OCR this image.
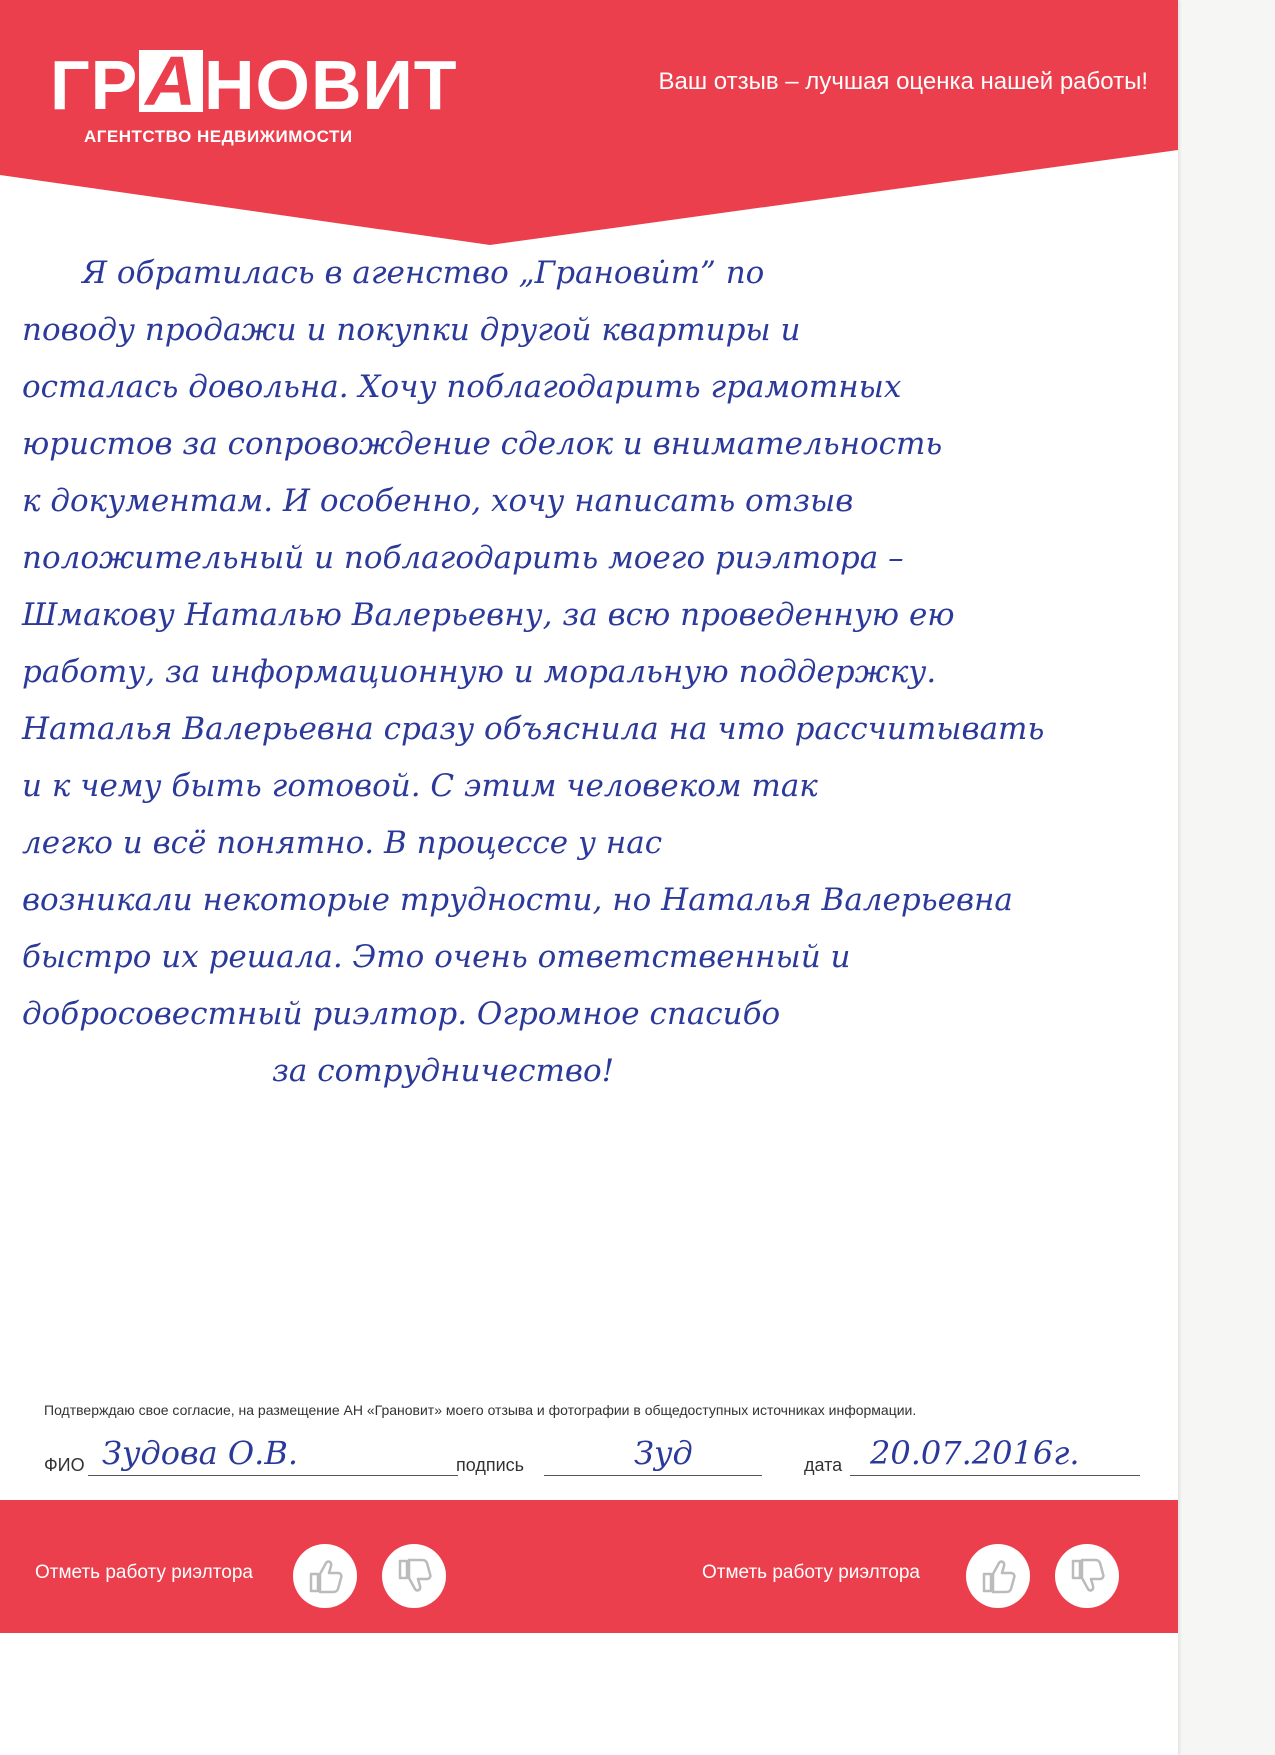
ГР А НОВИТ
АГЕНТСТВО НЕДВИЖИМОСТИ
Ваш отзыв – лучшая оценка нашей работы!
Я обратилась в агенство „Гранови̇т” по
поводу продажи и покупки другой квартиры и
осталась довольна. Хочу поблагодарить грамотных
юристов за сопровождение сделок и внимательность
к документам. И особенно, хочу написать отзыв
положительный и поблагодарить моего риэлтора –
Шмакову Наталью Валерьевну, за всю проведенную ею
работу, за информационную и моральную поддержку.
Наталья Валерьевна сразу объяснила на что рассчитывать
и к чему быть готовой. С этим человеком так
легко и всё понятно. В процессе у нас
возникали некоторые трудности, но Наталья Валерьевна
быстро их решала. Это очень ответственный и
добросовестный риэлтор. Огромное спасибо
за сотрудничество!
Подтверждаю свое согласие, на размещение АН «Грановит» моего отзыва и фотографии в общедоступных источниках информации.
ФИО Зудова О.В.	подпись	Зуд	дата 20.07.2016г.
Отметь работу риэлтора	Отметь работу риэлтора
